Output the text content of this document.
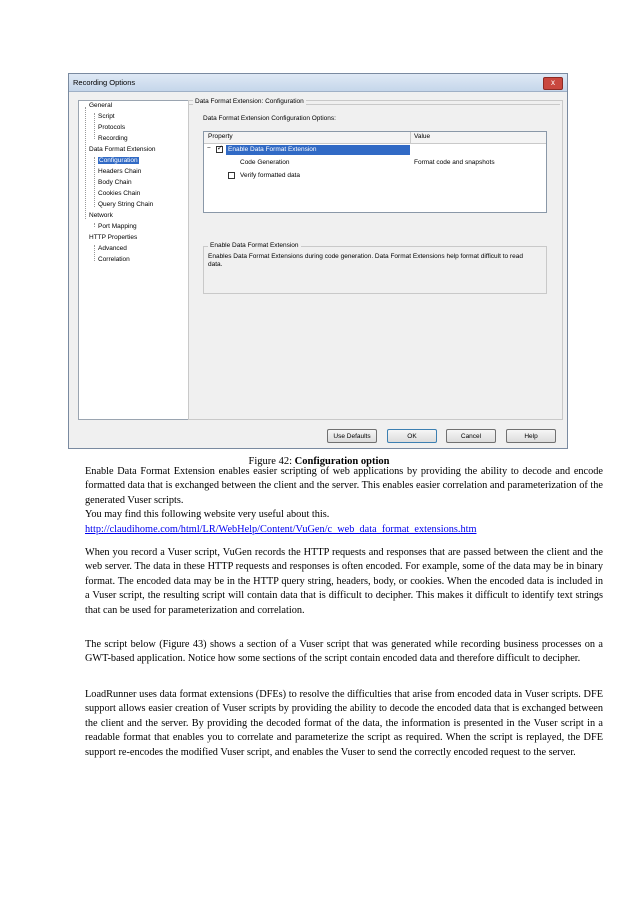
Recording Options	x
General
Script
Protocols
Recording
Data Format Extension
Configuration
Headers Chain
Body Chain
Cookies Chain
Query String Chain
Network
Port Mapping
HTTP Properties
Advanced
Correlation
Data Format Extension: Configuration
Data Format Extension Configuration Options:
Property	Value
−
✓	Enable Data Format Extension
Code Generation	Format code and snapshots
Verify formatted data
Enable Data Format Extension
Enables Data Format Extensions during code generation. Data Format Extensions help format difficult to read data.
Use Defaults	OK	Cancel	Help
Figure 42: Configuration option
Enable Data Format Extension enables easier scripting of web applications by providing the ability to decode and encode formatted data that is exchanged between the client and the server. This enables easier correlation and parameterization of the generated Vuser scripts.
You may find this following website very useful about this.
http://claudihome.com/html/LR/WebHelp/Content/VuGen/c_web_data_format_extensions.htm
When you record a Vuser script, VuGen records the HTTP requests and responses that are passed between the client and the web server. The data in these HTTP requests and responses is often encoded. For example, some of the data may be in binary format. The encoded data may be in the HTTP query string, headers, body, or cookies. When the encoded data is included in a Vuser script, the resulting script will contain data that is difficult to decipher. This makes it difficult to identify text strings that can be used for parameterization and correlation.
The script below (Figure 43) shows a section of a Vuser script that was generated while recording business processes on a GWT-based application. Notice how some sections of the script contain encoded data and therefore difficult to decipher.
LoadRunner uses data format extensions (DFEs) to resolve the difficulties that arise from encoded data in Vuser scripts. DFE support allows easier creation of Vuser scripts by providing the ability to decode the encoded data that is exchanged between the client and the server. By providing the decoded format of the data, the information is presented in the Vuser script in a readable format that enables you to correlate and parameterize the script as required. When the script is replayed, the DFE support re-encodes the modified Vuser script, and enables the Vuser to send the correctly encoded request to the server.
